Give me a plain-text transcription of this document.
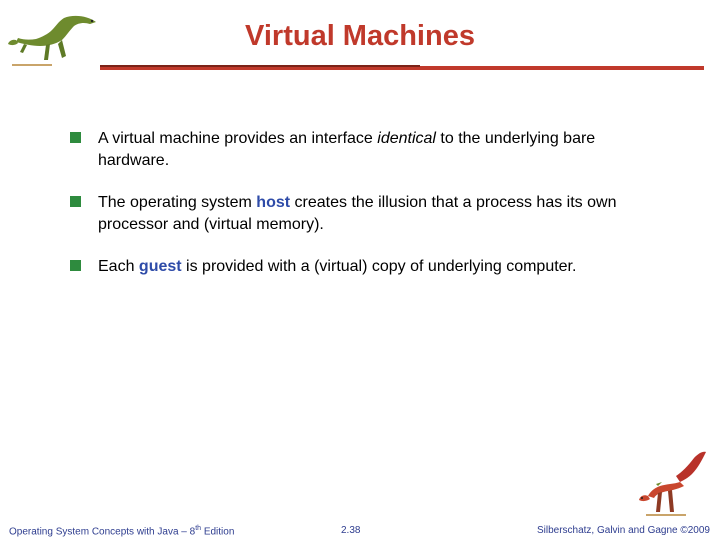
Virtual Machines
A virtual machine provides an interface identical to the underlying bare hardware.
The operating system host creates the illusion that a process has its own processor and (virtual memory).
Each guest is provided with a (virtual) copy of underlying computer.
Operating System Concepts with Java – 8th Edition	2.38	Silberschatz, Galvin and Gagne ©2009
